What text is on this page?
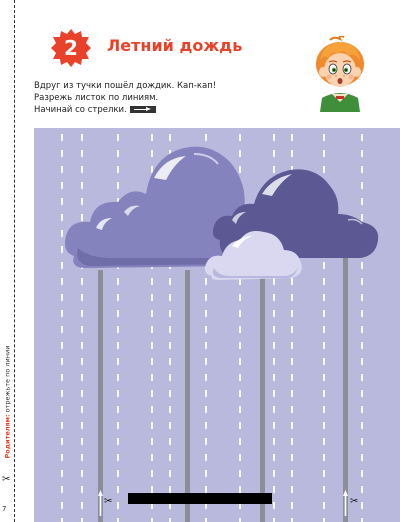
Родителям: отрежьте по линии
✂
7
2	Летний дождь
Вдруг из тучки пошёл дождик. Кап-кап!
Разрежь листок по линиям.
Начинай со стрелки.
✂	✂
